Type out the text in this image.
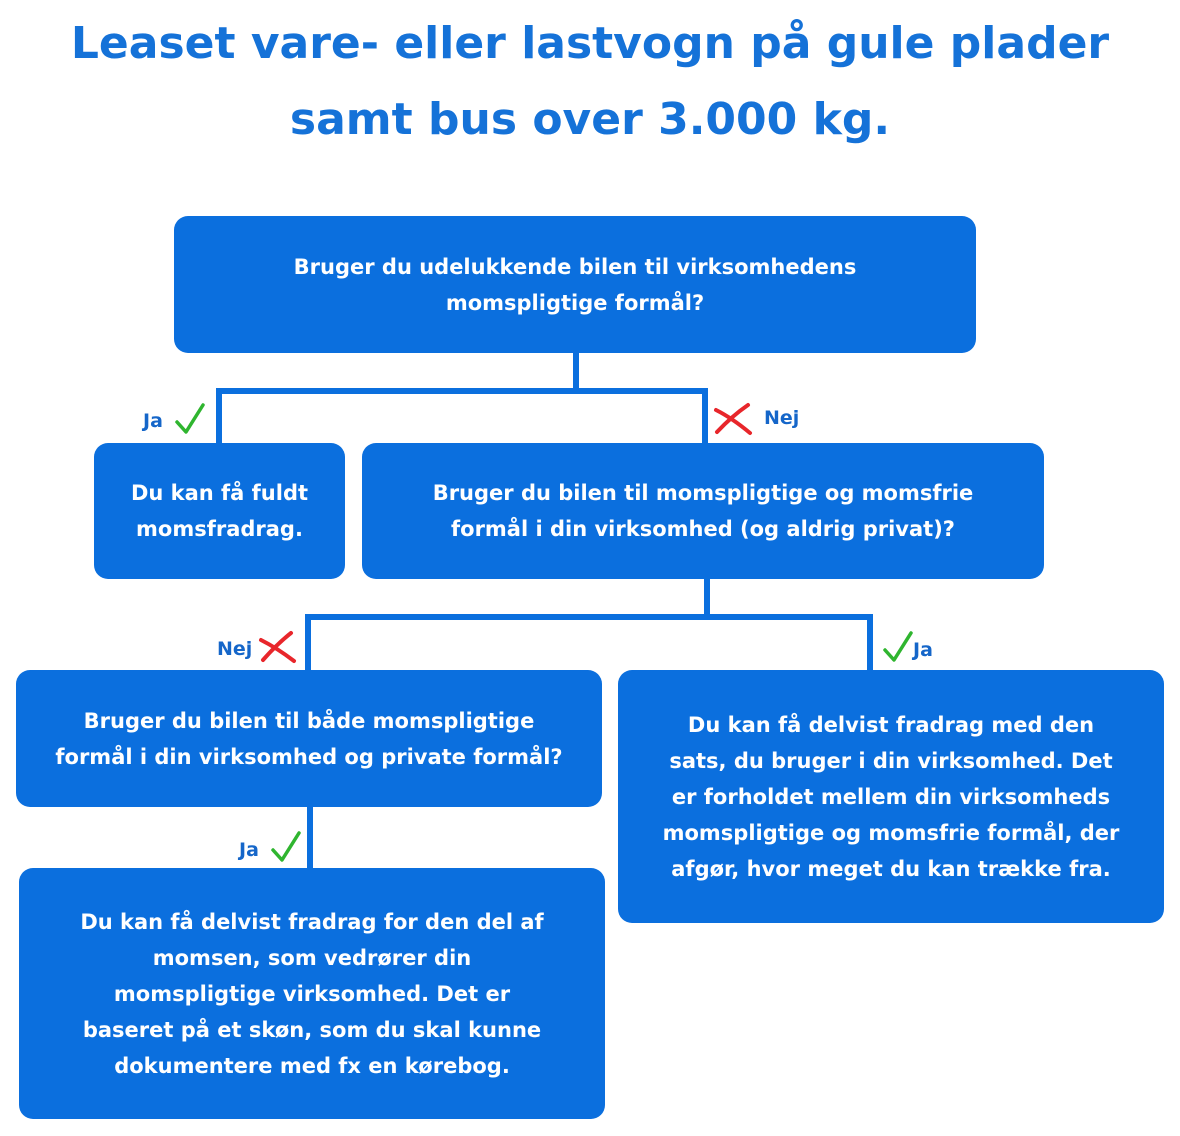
Leaset vare- eller lastvogn på gule plader
samt bus over 3.000 kg.
Bruger du udelukkende bilen til virksomhedens
momspligtige formål?
Du kan få fuldt
momsfradrag.
Bruger du bilen til momspligtige og momsfrie
formål i din virksomhed (og aldrig privat)?
Bruger du bilen til både momspligtige
formål i din virksomhed og private formål?
Du kan få delvist fradrag med den
sats, du bruger i din virksomhed. Det
er forholdet mellem din virksomheds
momspligtige og momsfrie formål, der
afgør, hvor meget du kan trække fra.
Du kan få delvist fradrag for den del af
momsen, som vedrører din
momspligtige virksomhed. Det er
baseret på et skøn, som du skal kunne
dokumentere med fx en kørebog.
Ja	Nej
Nej	Ja
Ja
